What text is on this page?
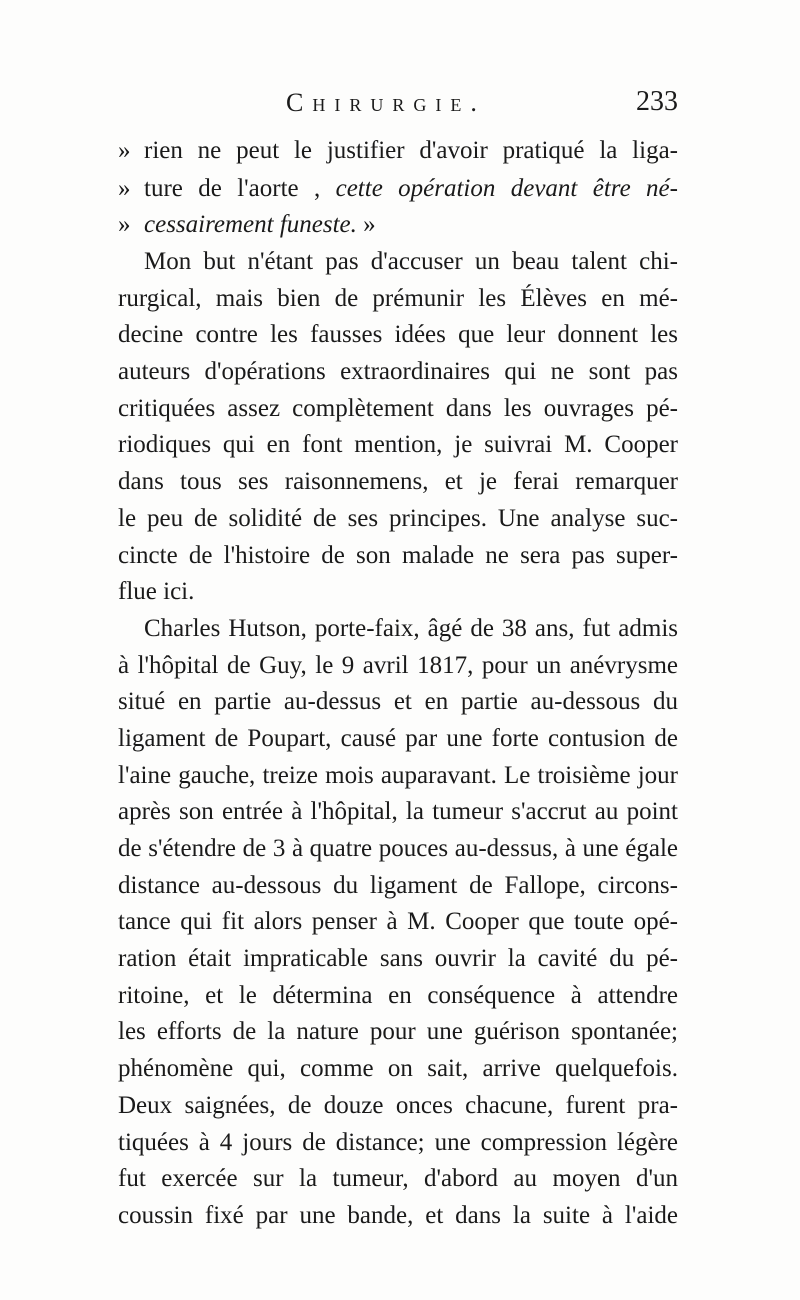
Chirurgie.	233
» rien ne peut le justifier d'avoir pratiqué la liga-
» ture de l'aorte , cette opération devant être né-
» cessairement funeste. »
Mon but n'étant pas d'accuser un beau talent chi-
rurgical, mais bien de prémunir les Élèves en mé-
decine contre les fausses idées que leur donnent les
auteurs d'opérations extraordinaires qui ne sont pas
critiquées assez complètement dans les ouvrages pé-
riodiques qui en font mention, je suivrai M. Cooper
dans tous ses raisonnemens, et je ferai remarquer
le peu de solidité de ses principes. Une analyse suc-
cincte de l'histoire de son malade ne sera pas super-
flue ici.
Charles Hutson, porte-faix, âgé de 38 ans, fut admis
à l'hôpital de Guy, le 9 avril 1817, pour un anévrysme
situé en partie au-dessus et en partie au-dessous du
ligament de Poupart, causé par une forte contusion de
l'aine gauche, treize mois auparavant. Le troisième jour
après son entrée à l'hôpital, la tumeur s'accrut au point
de s'étendre de 3 à quatre pouces au-dessus, à une égale
distance au-dessous du ligament de Fallope, circons-
tance qui fit alors penser à M. Cooper que toute opé-
ration était impraticable sans ouvrir la cavité du pé-
ritoine, et le détermina en conséquence à attendre
les efforts de la nature pour une guérison spontanée;
phénomène qui, comme on sait, arrive quelquefois.
Deux saignées, de douze onces chacune, furent pra-
tiquées à 4 jours de distance; une compression légère
fut exercée sur la tumeur, d'abord au moyen d'un
coussin fixé par une bande, et dans la suite à l'aide
